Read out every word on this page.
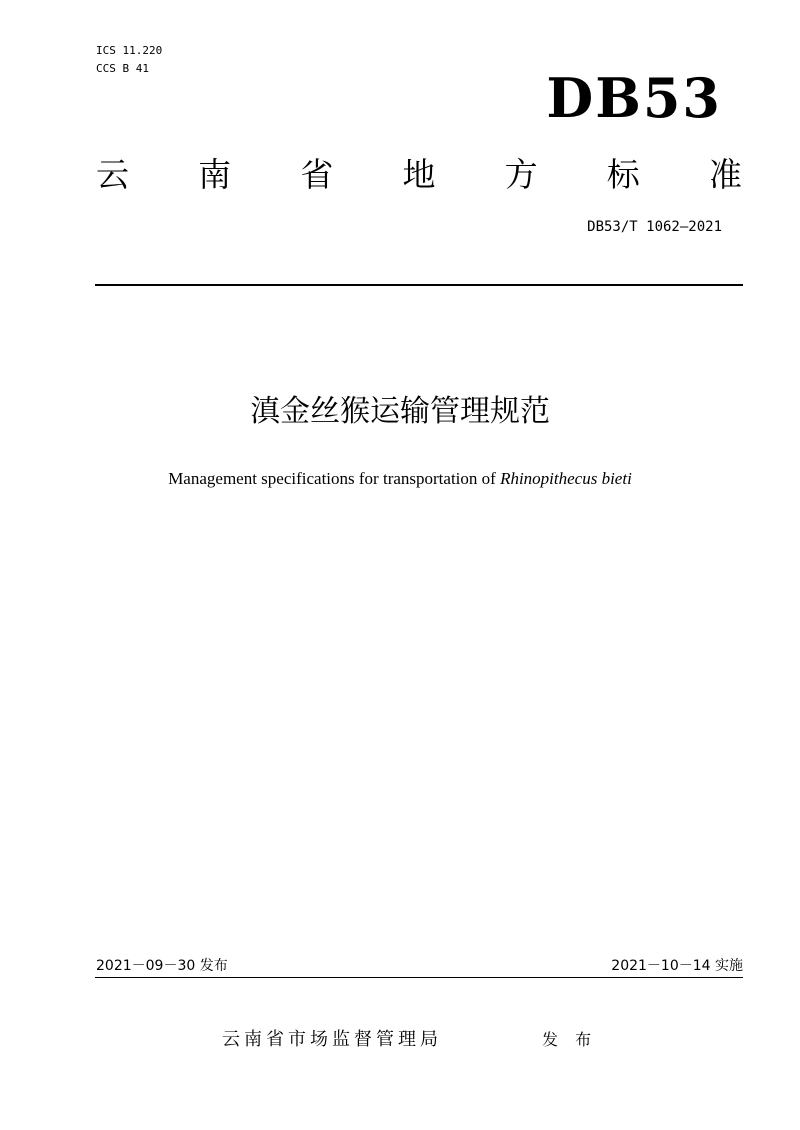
ICS 11.220
CCS B 41	DB53
云 南 省 地 方 标 准
DB53/T 1062—2021
滇金丝猴运输管理规范
Management specifications for transportation of Rhinopithecus bieti
2021－09－30 发布	2021－10－14 实施
云南省市场监督管理局	发 布
